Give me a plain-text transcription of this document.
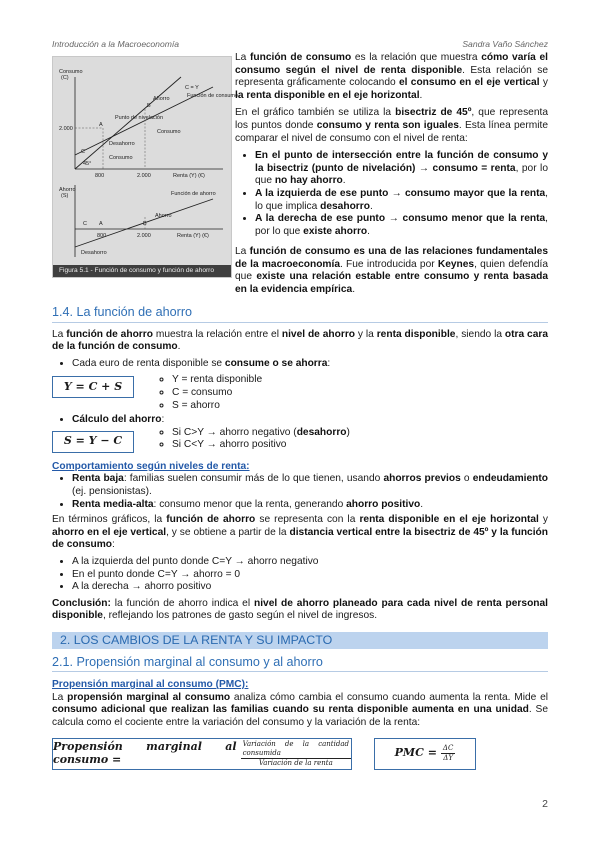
Introducción a la Macroeconomía	Sandra Vaño Sánchez
Consumo
(C)
2.000
800	2.000	Renta (Y) (€)
C = Y
Función de consumo
Punto de nivelación
Ahorro
Desahorro
Consumo
Consumo
A
B
C
45°
Ahorro
(S)	Función de ahorro
Ahorro
Desahorro
800	2.000	Renta (Y) (€)
A	B
C
Figura 5.1 - Función de consumo y función de ahorro

La función de consumo es la relación que muestra cómo varía el consumo según el nivel de renta disponible. Esta relación se representa gráficamente colocando el consumo en el eje vertical y la renta disponible en el eje horizontal.

En el gráfico también se utiliza la bisectriz de 45º, que representa los puntos donde consumo y renta son iguales. Esta línea permite comparar el nivel de consumo con el nivel de renta:

• En el punto de intersección entre la función de consumo y la bisectriz (punto de nivelación) → consumo = renta, por lo que no hay ahorro.
• A la izquierda de ese punto → consumo mayor que la renta, lo que implica desahorro.
• A la derecha de ese punto → consumo menor que la renta, por lo que existe ahorro.

La función de consumo es una de las relaciones fundamentales de la macroeconomía. Fue introducida por Keynes, quien defendía que existe una relación estable entre consumo y renta basada en la evidencia empírica.

1.4. La función de ahorro

La función de ahorro muestra la relación entre el nivel de ahorro y la renta disponible, siendo la otra cara de la función de consumo.

• Cada euro de renta disponible se consume o se ahorra:
Y = C + S
◦ Y = renta disponible
◦ C = consumo
◦ S = ahorro
• Cálculo del ahorro:
S = Y − C
◦ Si C>Y → ahorro negativo (desahorro)
◦ Si C<Y → ahorro positivo
Comportamiento según niveles de renta:
• Renta baja: familias suelen consumir más de lo que tienen, usando ahorros previos o endeudamiento (ej. pensionistas).
• Renta media-alta: consumo menor que la renta, generando ahorro positivo.

En términos gráficos, la función de ahorro se representa con la renta disponible en el eje horizontal y ahorro en el eje vertical, y se obtiene a partir de la distancia vertical entre la bisectriz de 45º y la función de consumo:

• A la izquierda del punto donde C=Y → ahorro negativo
• En el punto donde C=Y → ahorro = 0
• A la derecha → ahorro positivo

Conclusión: la función de ahorro indica el nivel de ahorro planeado para cada nivel de renta personal disponible, reflejando los patrones de gasto según el nivel de ingresos.

2. LOS CAMBIOS DE LA RENTA Y SU IMPACTO
2.1. Propensión marginal al consumo y al ahorro
Propensión marginal al consumo (PMC):

La propensión marginal al consumo analiza cómo cambia el consumo cuando aumenta la renta. Mide el consumo adicional que realizan las familias cuando su renta disponible aumenta en una unidad. Se calcula como el cociente entre la variación del consumo y la variación de la renta:

Propensión marginal al consumo =	$\frac{\text{Variación de la cantidad consumida}}{\text{Variación de la renta}}$	PMC = $\frac{\Delta C}{\Delta Y}$
2
